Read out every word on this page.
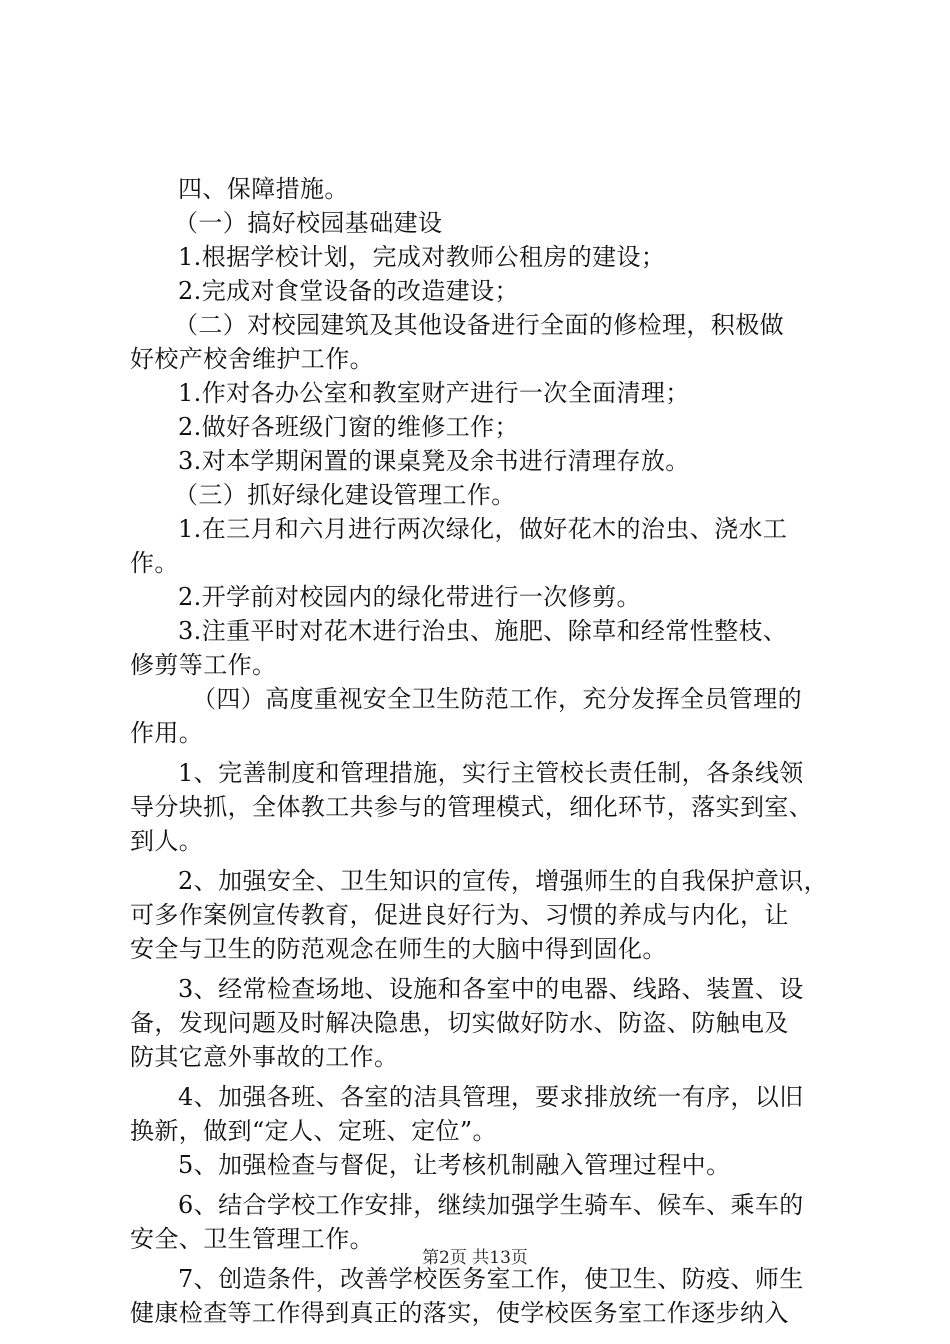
四、保障措施。
（一）搞好校园基础建设
1.根据学校计划，完成对教师公租房的建设；
2.完成对食堂设备的改造建设；
（二）对校园建筑及其他设备进行全面的修检理，积极做
好校产校舍维护工作。
1.作对各办公室和教室财产进行一次全面清理；
2.做好各班级门窗的维修工作；
3.对本学期闲置的课桌凳及余书进行清理存放。
（三）抓好绿化建设管理工作。
1.在三月和六月进行两次绿化，做好花木的治虫、浇水工
作。
2.开学前对校园内的绿化带进行一次修剪。
3.注重平时对花木进行治虫、施肥、除草和经常性整枝、
修剪等工作。
（四）高度重视安全卫生防范工作，充分发挥全员管理的
作用。
1、完善制度和管理措施，实行主管校长责任制，各条线领
导分块抓，全体教工共参与的管理模式，细化环节，落实到室、
到人。
2、加强安全、卫生知识的宣传，增强师生的自我保护意识，
可多作案例宣传教育，促进良好行为、习惯的养成与内化，让
安全与卫生的防范观念在师生的大脑中得到固化。
3、经常检查场地、设施和各室中的电器、线路、装置、设
备，发现问题及时解决隐患，切实做好防水、防盗、防触电及
防其它意外事故的工作。
4、加强各班、各室的洁具管理，要求排放统一有序，以旧
换新，做到“定人、定班、定位”。
5、加强检查与督促，让考核机制融入管理过程中。
6、结合学校工作安排，继续加强学生骑车、候车、乘车的
安全、卫生管理工作。
7、创造条件，改善学校医务室工作，使卫生、防疫、师生
健康检查等工作得到真正的落实，使学校医务室工作逐步纳入
第2页 共13页
